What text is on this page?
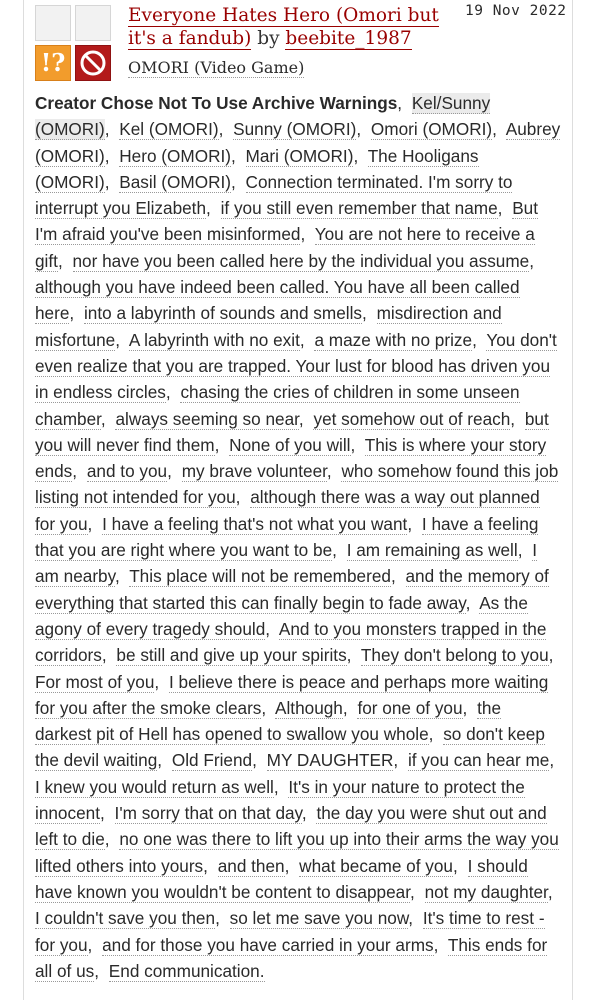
!?
Everyone Hates Hero (Omori but it's a fandub) by beebite_1987
19 Nov 2022
OMORI (Video Game)
Creator Chose Not To Use Archive Warnings, Kel/Sunny (OMORI), Kel (OMORI), Sunny (OMORI), Omori (OMORI), Aubrey (OMORI), Hero (OMORI), Mari (OMORI), The Hooligans (OMORI), Basil (OMORI), Connection terminated. I'm sorry to interrupt you Elizabeth, if you still even remember that name, But I'm afraid you've been misinformed, You are not here to receive a gift, nor have you been called here by the individual you assume, although you have indeed been called. You have all been called here, into a labyrinth of sounds and smells, misdirection and misfortune, A labyrinth with no exit, a maze with no prize, You don't even realize that you are trapped. Your lust for blood has driven you in endless circles, chasing the cries of children in some unseen chamber, always seeming so near, yet somehow out of reach, but you will never find them, None of you will, This is where your story ends, and to you, my brave volunteer, who somehow found this job listing not intended for you, although there was a way out planned for you, I have a feeling that's not what you want, I have a feeling that you are right where you want to be, I am remaining as well, I am nearby, This place will not be remembered, and the memory of everything that started this can finally begin to fade away, As the agony of every tragedy should, And to you monsters trapped in the corridors, be still and give up your spirits, They don't belong to you, For most of you, I believe there is peace and perhaps more waiting for you after the smoke clears, Although, for one of you, the darkest pit of Hell has opened to swallow you whole, so don't keep the devil waiting, Old Friend, MY DAUGHTER, if you can hear me, I knew you would return as well, It's in your nature to protect the innocent, I'm sorry that on that day, the day you were shut out and left to die, no one was there to lift you up into their arms the way you lifted others into yours, and then, what became of you, I should have known you wouldn't be content to disappear, not my daughter, I couldn't save you then, so let me save you now, It's time to rest - for you, and for those you have carried in your arms, This ends for all of us, End communication.
